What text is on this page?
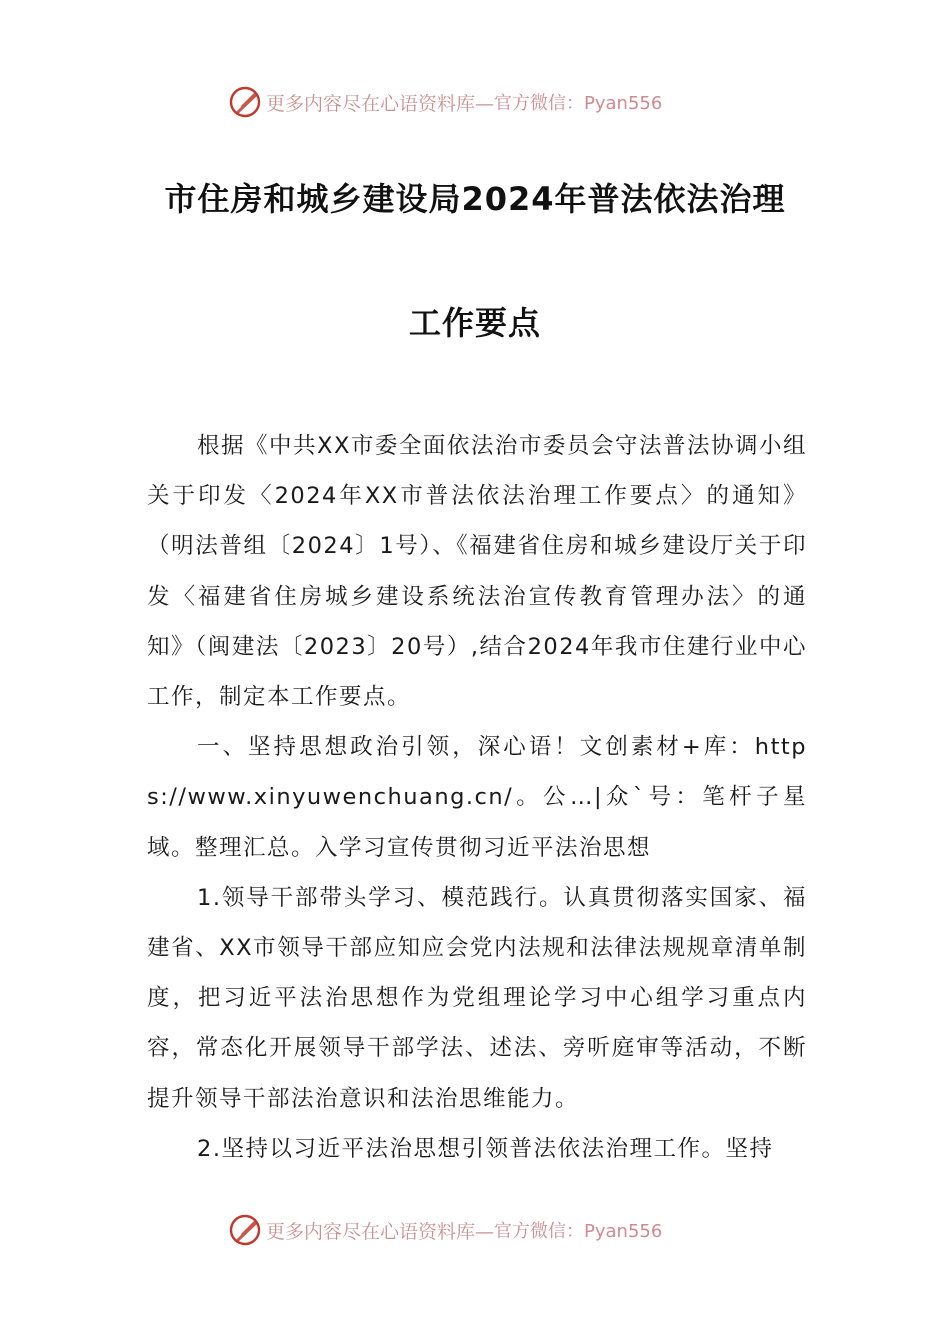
更多内容尽在心语资料库— 官方微信：Pyan556
市住房和城乡建设局2024年普法依法治理
工作要点

根据《中共XX市委全面依法治市委员会守法普法协调小组关于印发〈2024年XX市普法依法治理工作要点〉的通知》（明法普组〔2024〕1号）、《福建省住房和城乡建设厅关于印发〈福建省住房城乡建设系统法治宣传教育管理办法〉的通知》（闽建法〔2023〕20号）,结合2024年我市住建行业中心工作，制定本工作要点。

一、坚持思想政治引领，深心语！文创素材+库：https://www.xinyuwenchuang.cn/。公…|众`号：笔杆子星域。整理汇总。入学习宣传贯彻习近平法治思想

1.领导干部带头学习、模范践行。认真贯彻落实国家、福建省、XX市领导干部应知应会党内法规和法律法规规章清单制度，把习近平法治思想作为党组理论学习中心组学习重点内容，常态化开展领导干部学法、述法、旁听庭审等活动，不断提升领导干部法治意识和法治思维能力。

2.坚持以习近平法治思想引领普法依法治理工作。坚持

更多内容尽在心语资料库— 官方微信：Pyan556
